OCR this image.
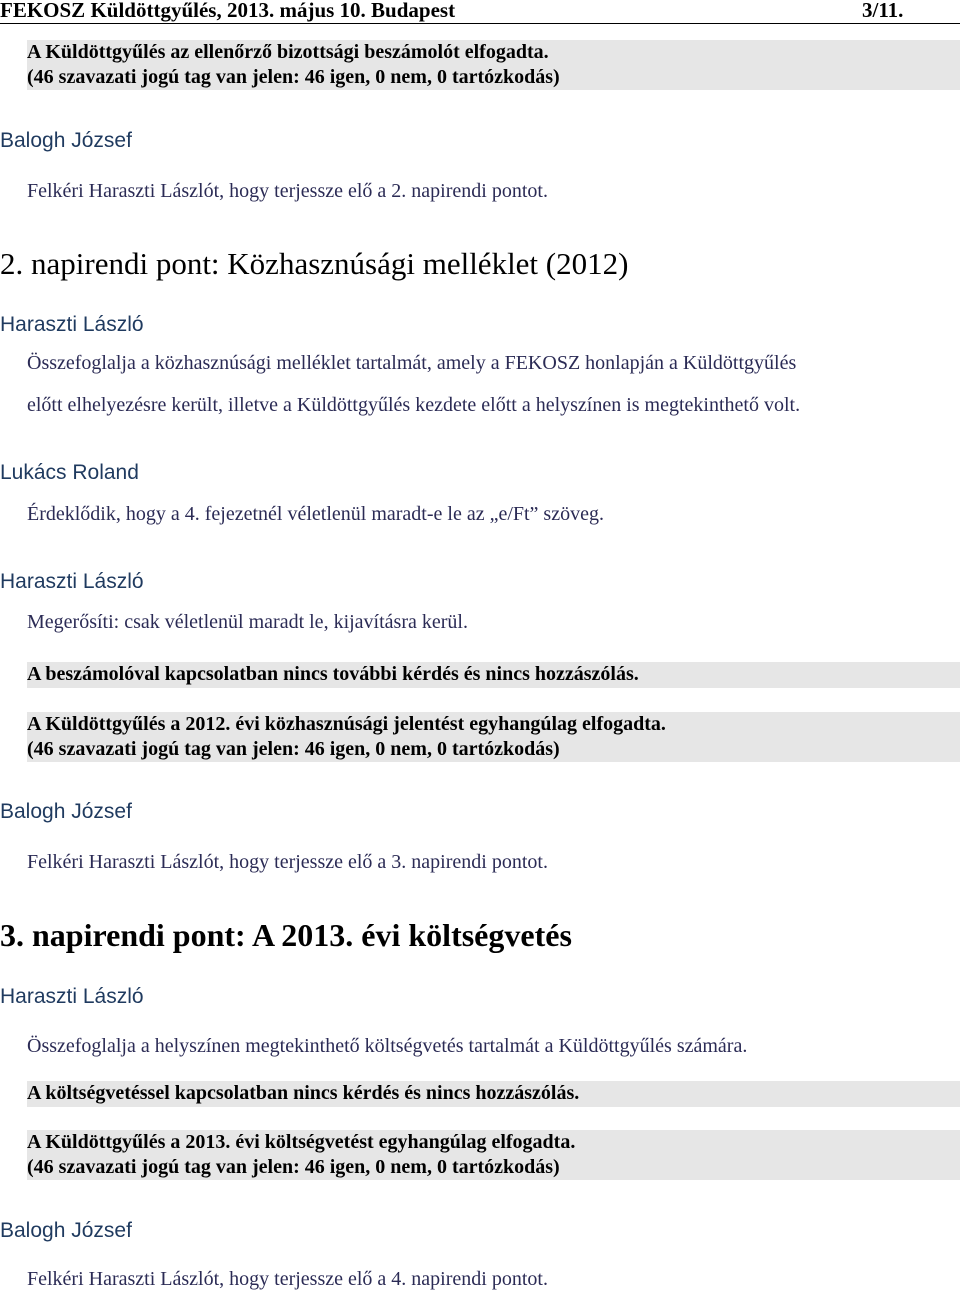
FEKOSZ Küldöttgyűlés, 2013. május 10. Budapest	3/11.
A Küldöttgyűlés az ellenőrző bizottsági beszámolót elfogadta.
(46 szavazati jogú tag van jelen: 46 igen, 0 nem, 0 tartózkodás)
Balogh József
Felkéri Haraszti Lászlót, hogy terjessze elő a 2. napirendi pontot.
2. napirendi pont: Közhasznúsági melléklet (2012)
Haraszti László
Összefoglalja a közhasznúsági melléklet tartalmát, amely a FEKOSZ honlapján a Küldöttgyűlés
előtt elhelyezésre került, illetve a Küldöttgyűlés kezdete előtt a helyszínen is megtekinthető volt.
Lukács Roland
Érdeklődik, hogy a 4. fejezetnél véletlenül maradt-e le az „e/Ft” szöveg.
Haraszti László
Megerősíti: csak véletlenül maradt le, kijavításra kerül.
A beszámolóval kapcsolatban nincs további kérdés és nincs hozzászólás.
A Küldöttgyűlés a 2012. évi közhasznúsági jelentést egyhangúlag elfogadta.
(46 szavazati jogú tag van jelen: 46 igen, 0 nem, 0 tartózkodás)
Balogh József
Felkéri Haraszti Lászlót, hogy terjessze elő a 3. napirendi pontot.
3. napirendi pont: A 2013. évi költségvetés
Haraszti László
Összefoglalja a helyszínen megtekinthető költségvetés tartalmát a Küldöttgyűlés számára.
A költségvetéssel kapcsolatban nincs kérdés és nincs hozzászólás.
A Küldöttgyűlés a 2013. évi költségvetést egyhangúlag elfogadta.
(46 szavazati jogú tag van jelen: 46 igen, 0 nem, 0 tartózkodás)
Balogh József
Felkéri Haraszti Lászlót, hogy terjessze elő a 4. napirendi pontot.
